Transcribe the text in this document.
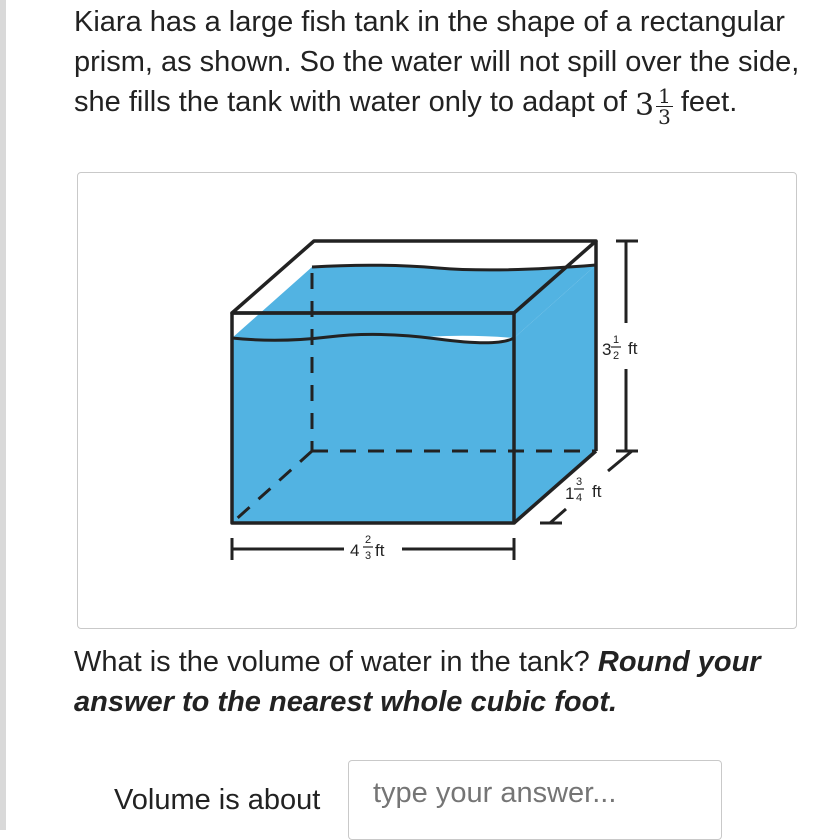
Kiara has a large fish tank in the shape of a rectangular prism, as shown. So the water will not spill over the side, she fills the tank with water only to adapt of $3 \frac{1}{3}$ feet.

3 1
2 ft
1
3
4 ft
4
2
3 ft

What is the volume of water in the tank? Round your answer to the nearest whole cubic foot.

Volume is about
type your answer...
